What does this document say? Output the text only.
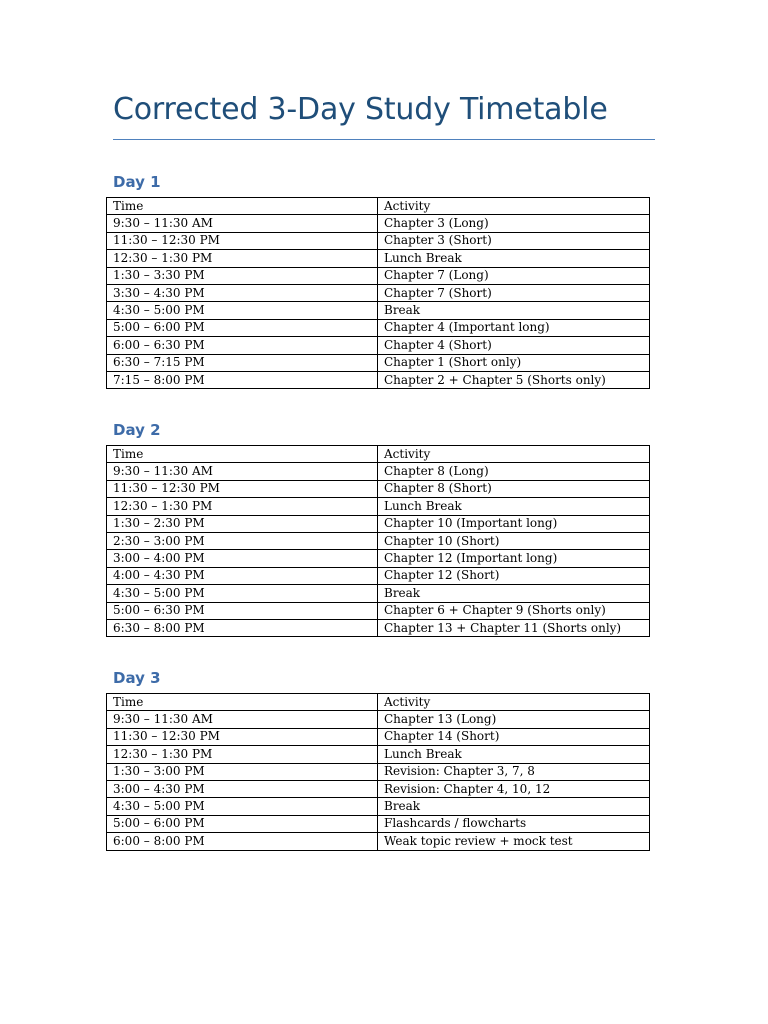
Corrected 3-Day Study Timetable
Day 1
Time	Activity
9:30 – 11:30 AM	Chapter 3 (Long)
11:30 – 12:30 PM	Chapter 3 (Short)
12:30 – 1:30 PM	Lunch Break
1:30 – 3:30 PM	Chapter 7 (Long)
3:30 – 4:30 PM	Chapter 7 (Short)
4:30 – 5:00 PM	Break
5:00 – 6:00 PM	Chapter 4 (Important long)
6:00 – 6:30 PM	Chapter 4 (Short)
6:30 – 7:15 PM	Chapter 1 (Short only)
7:15 – 8:00 PM	Chapter 2 + Chapter 5 (Shorts only)
Day 2
Time	Activity
9:30 – 11:30 AM	Chapter 8 (Long)
11:30 – 12:30 PM	Chapter 8 (Short)
12:30 – 1:30 PM	Lunch Break
1:30 – 2:30 PM	Chapter 10 (Important long)
2:30 – 3:00 PM	Chapter 10 (Short)
3:00 – 4:00 PM	Chapter 12 (Important long)
4:00 – 4:30 PM	Chapter 12 (Short)
4:30 – 5:00 PM	Break
5:00 – 6:30 PM	Chapter 6 + Chapter 9 (Shorts only)
6:30 – 8:00 PM	Chapter 13 + Chapter 11 (Shorts only)
Day 3
Time	Activity
9:30 – 11:30 AM	Chapter 13 (Long)
11:30 – 12:30 PM	Chapter 14 (Short)
12:30 – 1:30 PM	Lunch Break
1:30 – 3:00 PM	Revision: Chapter 3, 7, 8
3:00 – 4:30 PM	Revision: Chapter 4, 10, 12
4:30 – 5:00 PM	Break
5:00 – 6:00 PM	Flashcards / flowcharts
6:00 – 8:00 PM	Weak topic review + mock test
